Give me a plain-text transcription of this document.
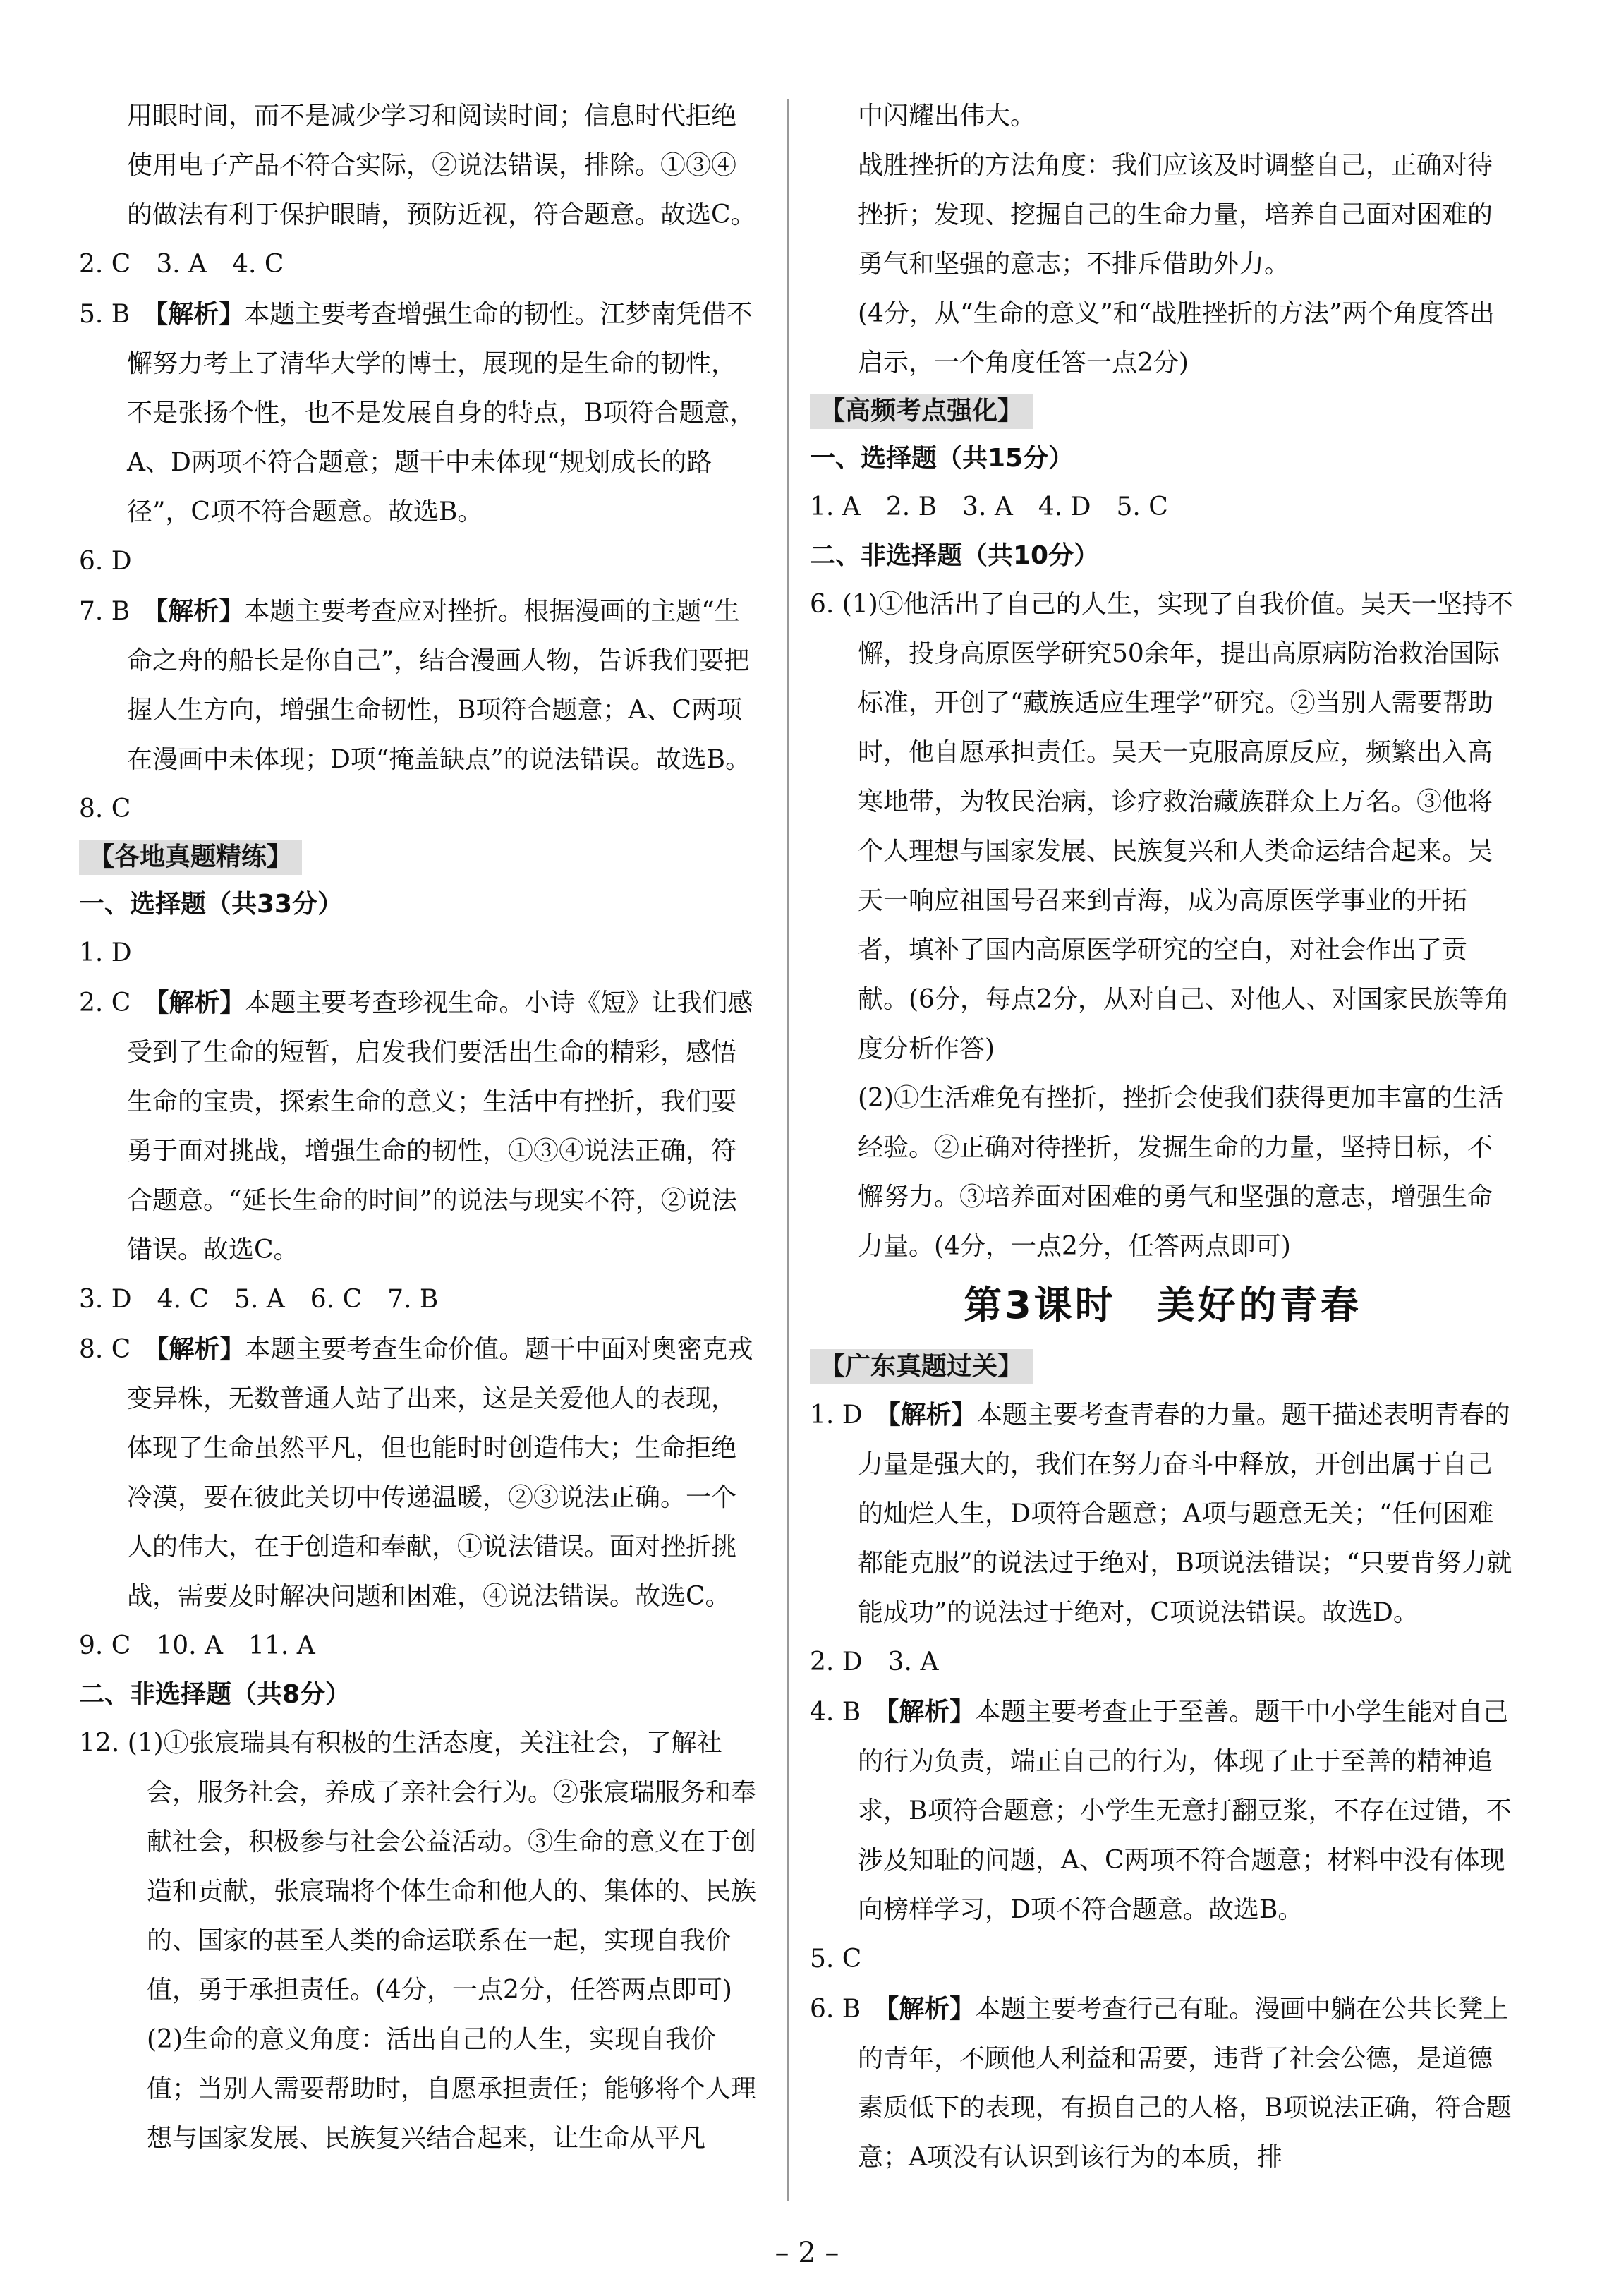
用眼时间，而不是减少学习和阅读时间；信息时代拒绝使用电子产品不符合实际，②说法错误，排除。①③④的做法有利于保护眼睛，预防近视，符合题意。故选C。

2. C　3. A　4. C

5. B　【解析】本题主要考查增强生命的韧性。江梦南凭借不懈努力考上了清华大学的博士，展现的是生命的韧性，不是张扬个性，也不是发展自身的特点，B项符合题意，A、D两项不符合题意；题干中未体现“规划成长的路径”，C项不符合题意。故选B。

6. D

7. B　【解析】本题主要考查应对挫折。根据漫画的主题“生命之舟的船长是你自己”，结合漫画人物，告诉我们要把握人生方向，增强生命韧性，B项符合题意；A、C两项在漫画中未体现；D项“掩盖缺点”的说法错误。故选B。

8. C

【各地真题精练】

一、选择题（共33分）

1. D

2. C　【解析】本题主要考查珍视生命。小诗《短》让我们感受到了生命的短暂，启发我们要活出生命的精彩，感悟生命的宝贵，探索生命的意义；生活中有挫折，我们要勇于面对挑战，增强生命的韧性，①③④说法正确，符合题意。“延长生命的时间”的说法与现实不符，②说法错误。故选C。

3. D　4. C　5. A　6. C　7. B

8. C　【解析】本题主要考查生命价值。题干中面对奥密克戎变异株，无数普通人站了出来，这是关爱他人的表现，体现了生命虽然平凡，但也能时时创造伟大；生命拒绝冷漠，要在彼此关切中传递温暖，②③说法正确。一个人的伟大，在于创造和奉献，①说法错误。面对挫折挑战，需要及时解决问题和困难，④说法错误。故选C。

9. C　10. A　11. A

二、非选择题（共8分）

12. (1)①张宸瑞具有积极的生活态度，关注社会，了解社会，服务社会，养成了亲社会行为。②张宸瑞服务和奉献社会，积极参与社会公益活动。③生命的意义在于创造和贡献，张宸瑞将个体生命和他人的、集体的、民族的、国家的甚至人类的命运联系在一起，实现自我价值，勇于承担责任。(4分，一点2分，任答两点即可)

(2)生命的意义角度：活出自己的人生，实现自我价值；当别人需要帮助时，自愿承担责任；能够将个人理想与国家发展、民族复兴结合起来，让生命从平凡

中闪耀出伟大。

战胜挫折的方法角度：我们应该及时调整自己，正确对待挫折；发现、挖掘自己的生命力量，培养自己面对困难的勇气和坚强的意志；不排斥借助外力。

(4分，从“生命的意义”和“战胜挫折的方法”两个角度答出启示，一个角度任答一点2分)

【高频考点强化】

一、选择题（共15分）

1. A　2. B　3. A　4. D　5. C

二、非选择题（共10分）

6. (1)①他活出了自己的人生，实现了自我价值。吴天一坚持不懈，投身高原医学研究50余年，提出高原病防治救治国际标准，开创了“藏族适应生理学”研究。②当别人需要帮助时，他自愿承担责任。吴天一克服高原反应，频繁出入高寒地带，为牧民治病，诊疗救治藏族群众上万名。③他将个人理想与国家发展、民族复兴和人类命运结合起来。吴天一响应祖国号召来到青海，成为高原医学事业的开拓者，填补了国内高原医学研究的空白，对社会作出了贡献。(6分，每点2分，从对自己、对他人、对国家民族等角度分析作答)

(2)①生活难免有挫折，挫折会使我们获得更加丰富的生活经验。②正确对待挫折，发掘生命的力量，坚持目标，不懈努力。③培养面对困难的勇气和坚强的意志，增强生命力量。(4分，一点2分，任答两点即可)

第3课时　美好的青春

【广东真题过关】

1. D　【解析】本题主要考查青春的力量。题干描述表明青春的力量是强大的，我们在努力奋斗中释放，开创出属于自己的灿烂人生，D项符合题意；A项与题意无关；“任何困难都能克服”的说法过于绝对，B项说法错误；“只要肯努力就能成功”的说法过于绝对，C项说法错误。故选D。

2. D　3. A

4. B　【解析】本题主要考查止于至善。题干中小学生能对自己的行为负责，端正自己的行为，体现了止于至善的精神追求，B项符合题意；小学生无意打翻豆浆，不存在过错，不涉及知耻的问题，A、C两项不符合题意；材料中没有体现向榜样学习，D项不符合题意。故选B。

5. C

6. B　【解析】本题主要考查行己有耻。漫画中躺在公共长凳上的青年，不顾他人利益和需要，违背了社会公德，是道德素质低下的表现，有损自己的人格，B项说法正确，符合题意；A项没有认识到该行为的本质，排

– 2 –
